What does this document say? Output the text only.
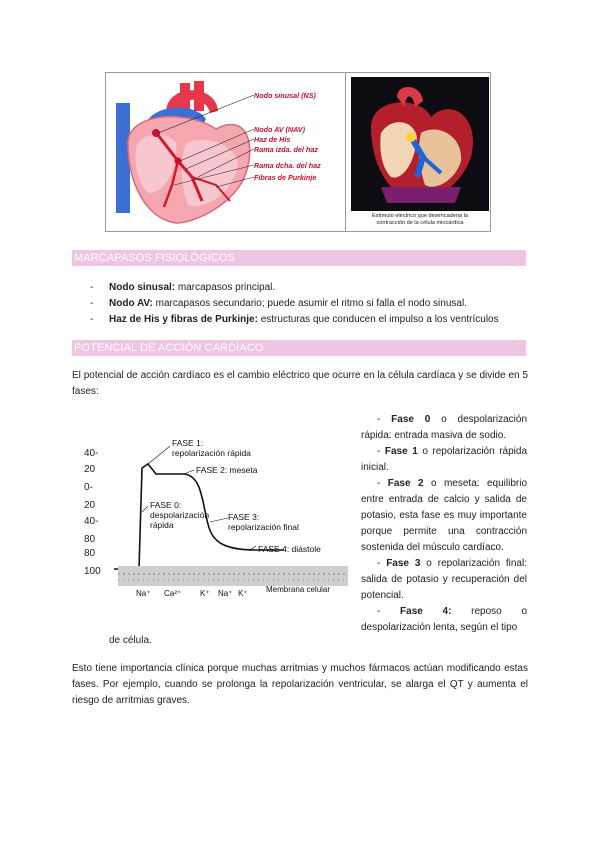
Nodo sinusal (NS)
Nodo AV (NAV)
Haz de His
Rama izda. del haz
Rama dcha. del haz
Fibras de Purkinje
Estímulo eléctrico que desencadena la
contracción de la célula miocárdica
MARCAPASOS FISIOLÓGICOS
- Nodo sinusal: marcapasos principal.
- Nodo AV: marcapasos secundario; puede asumir el ritmo si falla el nodo sinusal.
- Haz de His y fibras de Purkinje: estructuras que conducen el impulso a los ventrículos
POTENCIAL DE ACCIÓN CARDÍACO

El potencial de acción cardíaco es el cambio eléctrico que ocurre en la célula cardíaca y se divide en 5 fases:

- Fase 0 o despolarización rápida: entrada masiva de sodio.

- Fase 1 o repolarización rápida inicial.

- Fase 2 o meseta: equilibrio entre entrada de calcio y salida de potasio, esta fase es muy importante porque permite una contracción sostenida del músculo cardíaco.

- Fase 3 o repolarización final: salida de potasio y recuperación del potencial.

- Fase 4: reposo o despolarización lenta, según el tipo

de célula.
40-
20
0-
20
40-
80
80
100
FASE 1:
repolarización rápida
FASE 2: meseta
FASE 0:
despolarización
rápida
FASE 3:
repolarización final
FASE 4: diástole
Na⁺ Ca²⁺ K⁺ Na⁺ K⁺ Membrana celular

Esto tiene importancia clínica porque muchas arritmias y muchos fármacos actúan modificando estas fases. Por ejemplo, cuando se prolonga la repolarización ventricular, se alarga el QT y aumenta el riesgo de arritmias graves.
